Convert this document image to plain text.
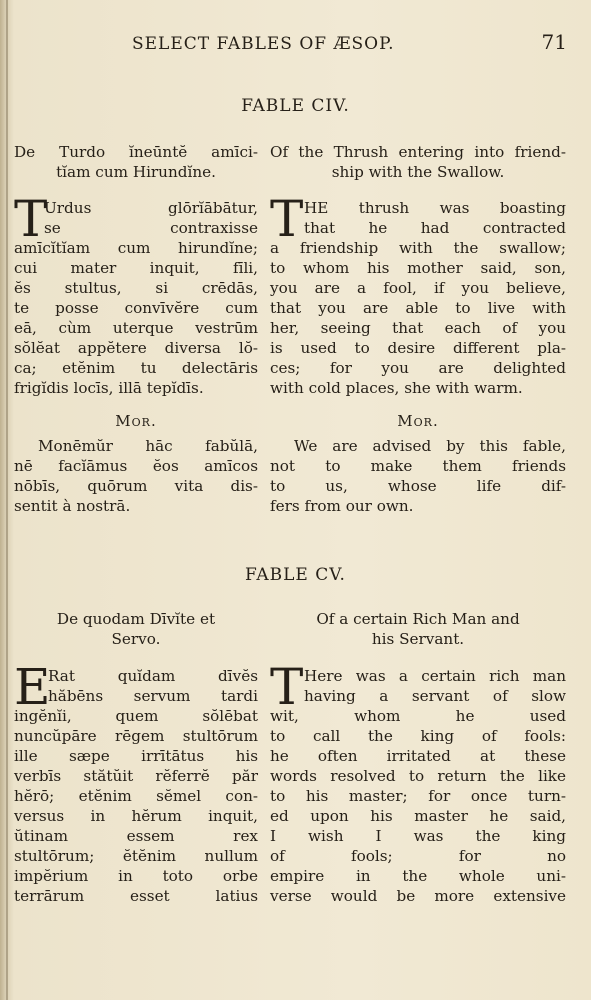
SELECT FABLES OF ÆSOP.	71
FABLE CIV.
De Turdo ĭneūntĕ amīci-
tĭam cum Hirundĭne.
Of the Thrush entering into friend-
ship with the Swallow.
T
Urdus glōrĭābātur,
se contraxisse
amīcĭtĭam cum hirundĭne;
cui mater inquit, fīli,
ĕs stultus, si crēdās,
te posse convīvĕre cum
eā, cùm uterque vestrūm
sŏlĕat appĕtere diversa lŏ-
ca; etĕnim tu delectāris
frigĭdis locīs, illā tepĭdīs.
T HE thrush was boasting
that he had contracted
a friendship with the swallow;
to whom his mother said, son,
you are a fool, if you believe,
that you are able to live with
her, seeing that each of you
is used to desire different pla-
ces; for you are delighted
with cold places, she with warm.
Mor.
Monēmŭr hāc fabŭlā,
nē facĭāmus ĕos amīcos
nōbīs, quōrum vita dis-
sentit à nostrā.
Mor.
We are advised by this fable,
not to make them friends
to us, whose life dif-
fers from our own.
FABLE CV.
De quodam Dīvĭte et
Servo.
Of a certain Rich Man and
his Servant.
E
Rat quĭdam dīvĕs
hăbēns servum tardi
ingĕnĭi, quem sŏlēbat
nuncŭpāre rēgem stultōrum
ille sæpe irrītātus his
verbīs stătŭit rĕferrĕ păr
hĕrō; etĕnim sĕmel con-
versus in hĕrum inquit,
ŭtinam essem rex
stultōrum; ĕtĕnim nullum
impĕrium in toto orbe
terrārum esset latius
T Here was a certain rich man
having a servant of slow
wit, whom he used
to call the king of fools:
he often irritated at these
words resolved to return the like
to his master; for once turn-
ed upon his master he said,
I wish I was the king
of fools; for no
empire in the whole uni-
verse would be more extensive
